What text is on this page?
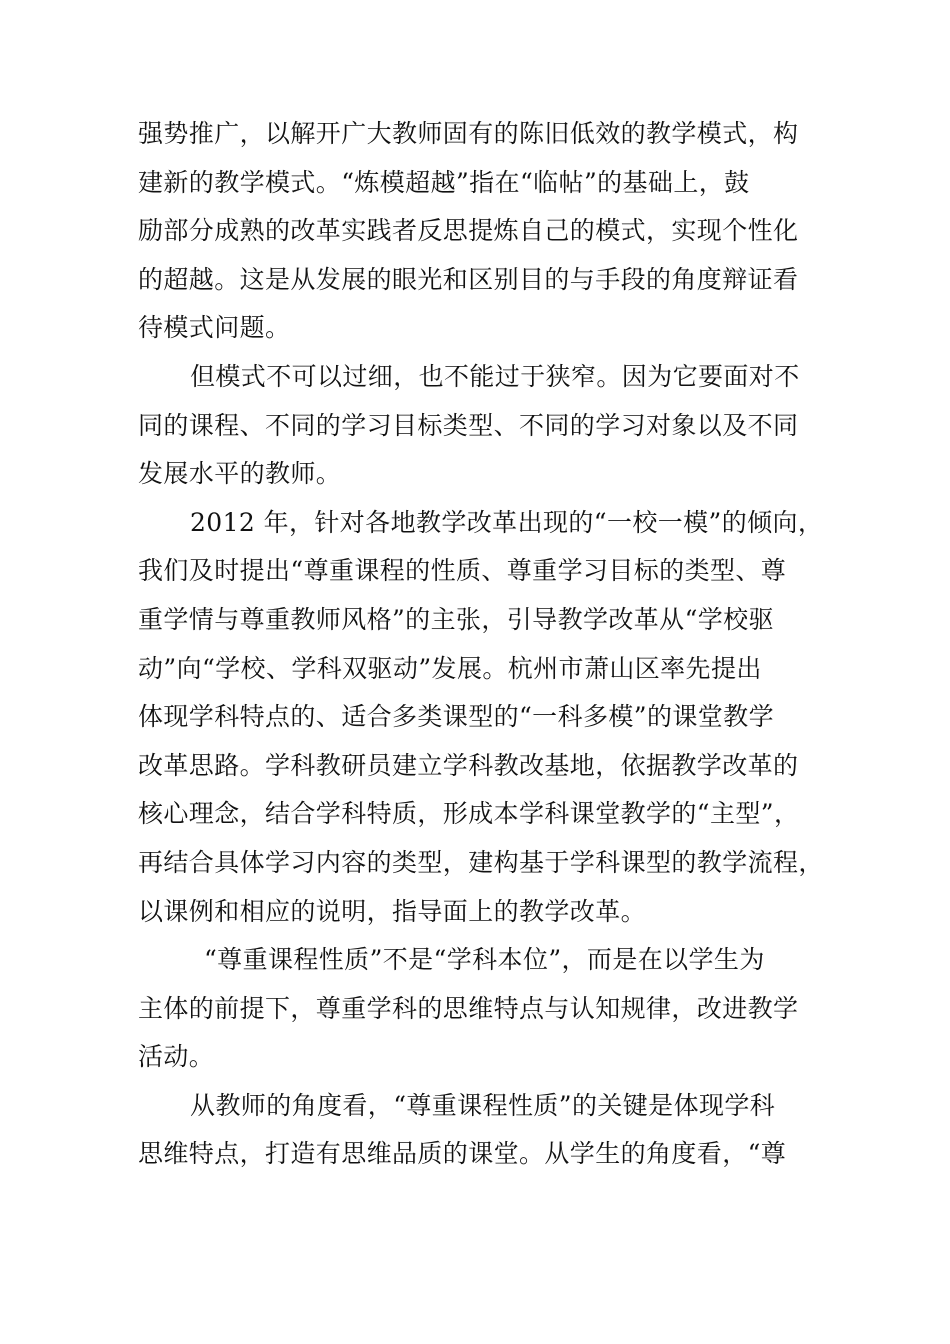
强势推广，以解开广大教师固有的陈旧低效的教学模式，构
建新的教学模式。“炼模超越”指在“临帖”的基础上，鼓
励部分成熟的改革实践者反思提炼自己的模式，实现个性化
的超越。这是从发展的眼光和区别目的与手段的角度辩证看
待模式问题。
但模式不可以过细，也不能过于狭窄。因为它要面对不
同的课程、不同的学习目标类型、不同的学习对象以及不同
发展水平的教师。
2012 年，针对各地教学改革出现的“一校一模”的倾向，
我们及时提出“尊重课程的性质、尊重学习目标的类型、尊
重学情与尊重教师风格”的主张，引导教学改革从“学校驱
动”向“学校、学科双驱动”发展。杭州市萧山区率先提出
体现学科特点的、适合多类课型的“一科多模”的课堂教学
改革思路。学科教研员建立学科教改基地，依据教学改革的
核心理念，结合学科特质，形成本学科课堂教学的“主型”，
再结合具体学习内容的类型，建构基于学科课型的教学流程，
以课例和相应的说明，指导面上的教学改革。
“尊重课程性质”不是“学科本位”，而是在以学生为
主体的前提下，尊重学科的思维特点与认知规律，改进教学
活动。
从教师的角度看，“尊重课程性质”的关键是体现学科
思维特点，打造有思维品质的课堂。从学生的角度看，“尊
